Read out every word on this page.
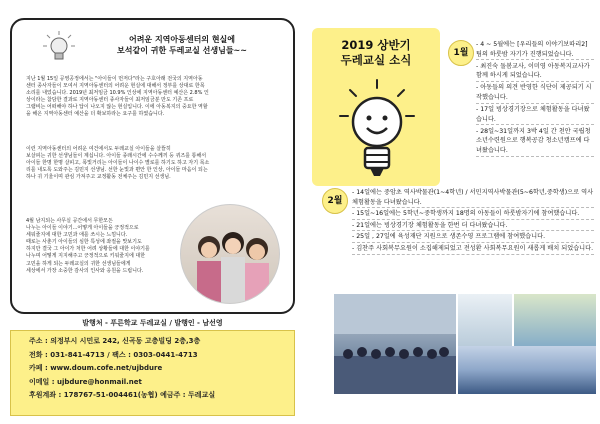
어려운 지역아동센터의 현실에
보석같이 귀한 두레교실 선생님들~~
지난 1월 15일 공영공정에서는 "아이들이 먼저다"라는 구호아래 전국의 지역아동
센터 종사자들이 모여서 지역아동센터의 어려운 현실에 대해서 정부를 상대로 한목
소리를 내었습니다. 2019년 최저임금 10.9% 인상에 지역아동센터 예산은 2.8% 인
상이라는 참담한 결과로 지역아동센터 종사자들이 최저임금분 만도 기존 프로
그램비는 어떠해야 하나 답이 나오지 않는 현실입니다. 이에 아동복지의 중요한 역할
을 해온 지역아동센터 예산을 더 확보하라는 요구를 하였습니다.
이런 지역아동센터의 어려운 여건에서도 두레교실 아이들을 살뜰히
보살피는 귀한 선생님들이 계십니다. 아이들 종래시간에 수수께끼 등 퀴즈를 통해서
아이들 한명 한명 살피고, 폭빛거리는 아이들이 나이수 별로를 하기도 하고 자기 목소
리를 내도록 도와주는 김민지 선생님. 선한 눈빛과 편안 한 인상, 아이들 마음이 되는
하나 귀 기울이며 관심 가져주고 교정활동 전체주는 김민지 선생님.
4월 남지되는 사무실 공간에서 무한모든
나누는 아이들 이야기...어떻게 아이들을 긍정적으로
세워줄지에 대한 고민과 애를 쓰시는 느낌니다.
때로는 사춘기 아이들의 심한 특성에 좌절을 맛보기도
하지만 결국 그 아이가 처한 어려 상황들에 대한 이야기를
나누며 어떻게 지지해주고 긍정적으로 키워줄지에 대한
고민을 하게 되는 두레교실의 귀한 선생님들에게
세상에서 가장 소중한 감사의 인사와 응원을 드립니다.
발행처 - 푸른학교 두레교실 / 발행인 - 남선영
주소 : 의정부시 시민로 242, 신곡동 고층빌딩 2층,3층
전화 : 031-841-4713 / 팩스 : 0303-0441-4713
카페 : www.doum.cofe.net/ujbdure
이메일 : ujbdure@honmail.net
후원계좌 : 178767-51-004461(농협) 예금주 : 두레교실
2019 상반기
두레교실 소식	1월
- 4 ~ 5월에는 [우리들의 이야기보따리2] 팀의 하룻밤 자기가 진행되었습니다.
- 최진숙 돌봄교사, 이미영 아동복지교사가 함께 하시게 되었습니다.
- 아동들의 의견 반영한 식단이 제공되기 시작했습니다.
- 17일 빙상경기장으로 체험활동을 다녀왔습니다.
- 28일~31일까지 3박 4일 간 천안 국립청소년수련원으로 행복공감 청소년캠프에 다녀왔습니다.
2월
- 14일에는 중암초 역사박물관(1~4학년) / 서민지역사박물관(5~6학년,중학생)으로 역사 체험활동을 다녀왔습니다.
- 15일~16일에는 5학년~중학생까지 18명의 아동들이 하룻밤자기에 참여했습니다.
- 21일에는 빙상경기장 체험활동을 한번 더 다녀왔습니다.
- 25일 , 27일에 육성재단 지원으로 생존수영 프로그램에 참여했습니다.
- 김찬주 사회복무요원이 소집해제되었고 전성환 사회복무요원이 새롭게 배치 되었습니다.
